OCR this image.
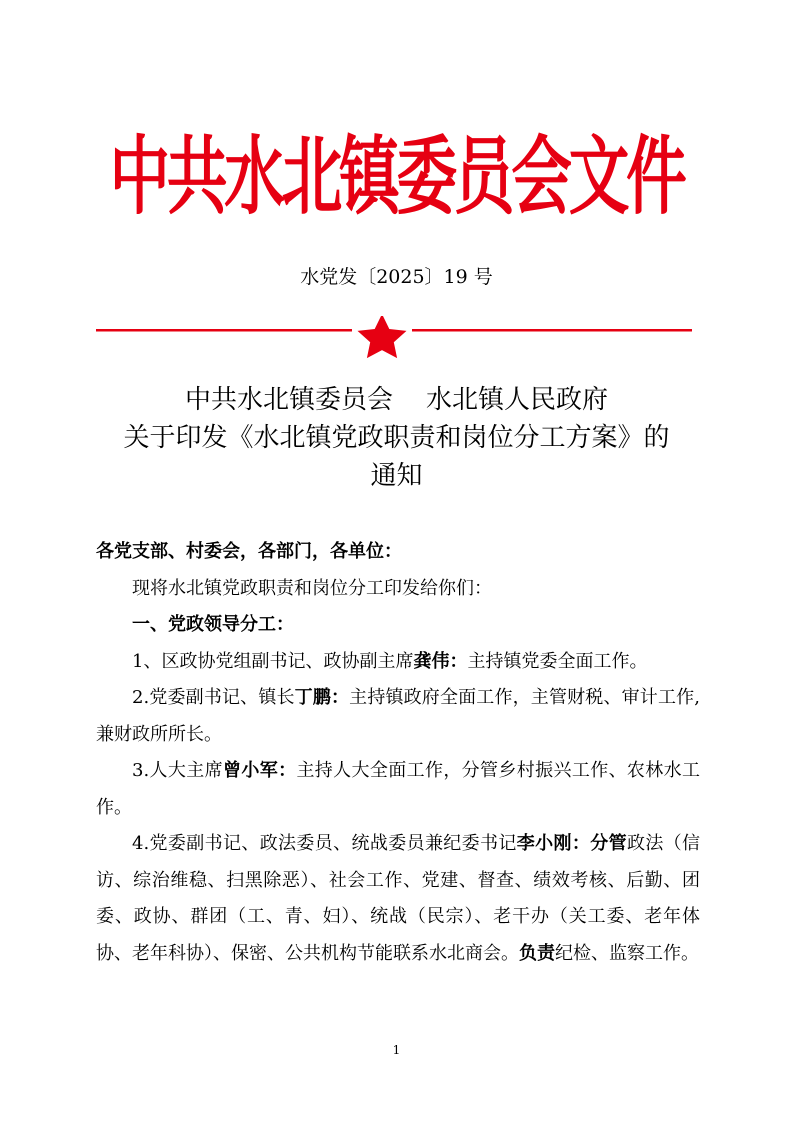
中共水北镇委员会文件
水党发〔2025〕19 号
中共水北镇委员会    水北镇人民政府
关于印发《水北镇党政职责和岗位分工方案》的
通知

各党支部、村委会，各部门，各单位：

现将水北镇党政职责和岗位分工印发给你们：

一、党政领导分工：

1、区政协党组副书记、政协副主席龚伟：主持镇党委全面工作。

2.党委副书记、镇长丁鹏：主持镇政府全面工作，主管财税、审计工作,兼财政所所长。

3.人大主席曾小军：主持人大全面工作，分管乡村振兴工作、农林水工作。

4.党委副书记、政法委员、统战委员兼纪委书记李小刚：分管政法（信访、综治维稳、扫黑除恶）、社会工作、党建、督查、绩效考核、后勤、团委、政协、群团（工、青、妇）、统战（民宗）、老干办（关工委、老年体协、老年科协）、保密、公共机构节能联系水北商会。负责纪检、监察工作。

1
